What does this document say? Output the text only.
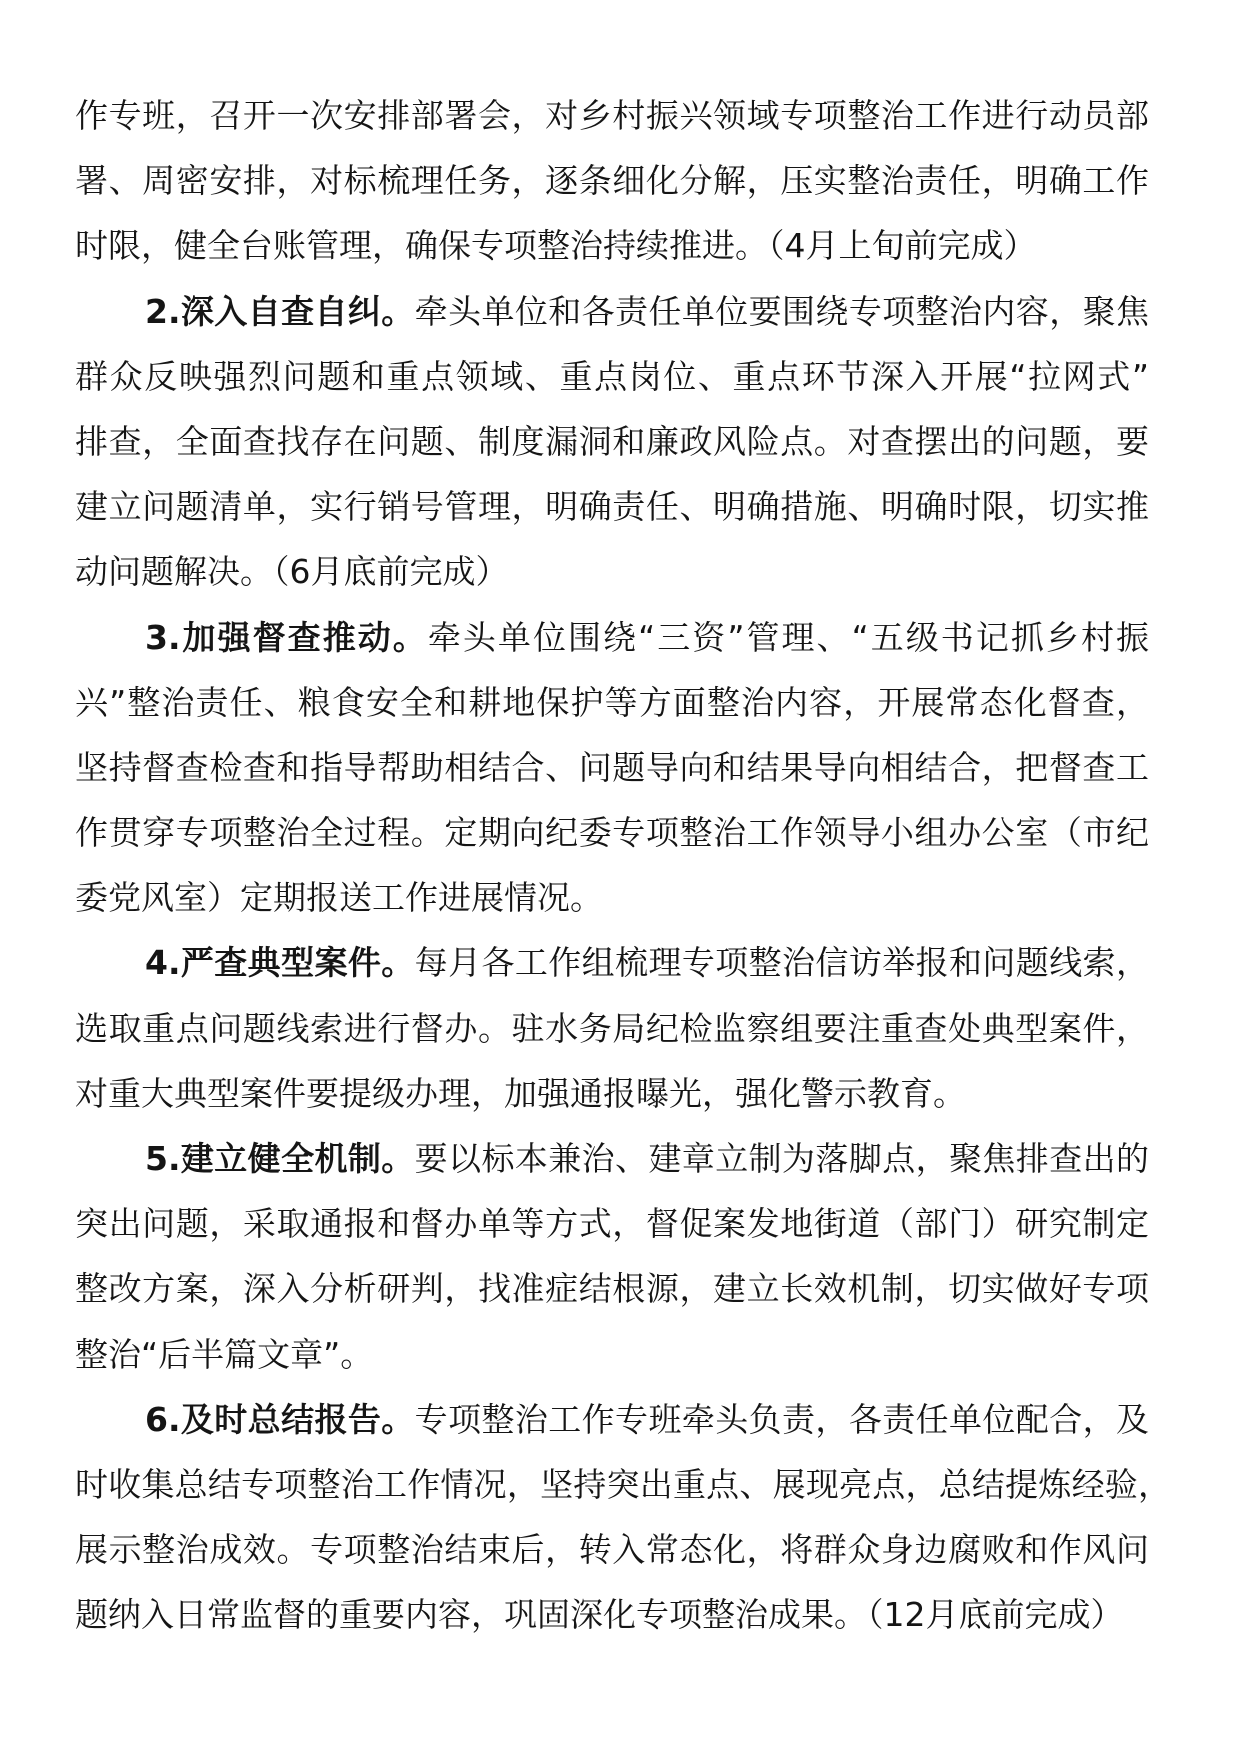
作专班，召开一次安排部署会，对乡村振兴领域专项整治工作进行动员部
署、周密安排，对标梳理任务，逐条细化分解，压实整治责任，明确工作
时限，健全台账管理，确保专项整治持续推进。（4月上旬前完成）
2.深入自查自纠。牵头单位和各责任单位要围绕专项整治内容，聚焦
群众反映强烈问题和重点领域、重点岗位、重点环节深入开展“拉网式”
排查，全面查找存在问题、制度漏洞和廉政风险点。对查摆出的问题，要
建立问题清单，实行销号管理，明确责任、明确措施、明确时限，切实推
动问题解决。（6月底前完成）
3.加强督查推动。牵头单位围绕“三资”管理、“五级书记抓乡村振
兴”整治责任、粮食安全和耕地保护等方面整治内容，开展常态化督查，
坚持督查检查和指导帮助相结合、问题导向和结果导向相结合，把督查工
作贯穿专项整治全过程。定期向纪委专项整治工作领导小组办公室（市纪
委党风室）定期报送工作进展情况。
4.严查典型案件。每月各工作组梳理专项整治信访举报和问题线索，
选取重点问题线索进行督办。驻水务局纪检监察组要注重查处典型案件，
对重大典型案件要提级办理，加强通报曝光，强化警示教育。
5.建立健全机制。要以标本兼治、建章立制为落脚点，聚焦排查出的
突出问题，采取通报和督办单等方式，督促案发地街道（部门）研究制定
整改方案，深入分析研判，找准症结根源，建立长效机制，切实做好专项
整治“后半篇文章”。
6.及时总结报告。专项整治工作专班牵头负责，各责任单位配合，及
时收集总结专项整治工作情况，坚持突出重点、展现亮点，总结提炼经验，
展示整治成效。专项整治结束后，转入常态化，将群众身边腐败和作风问
题纳入日常监督的重要内容，巩固深化专项整治成果。（12月底前完成）
